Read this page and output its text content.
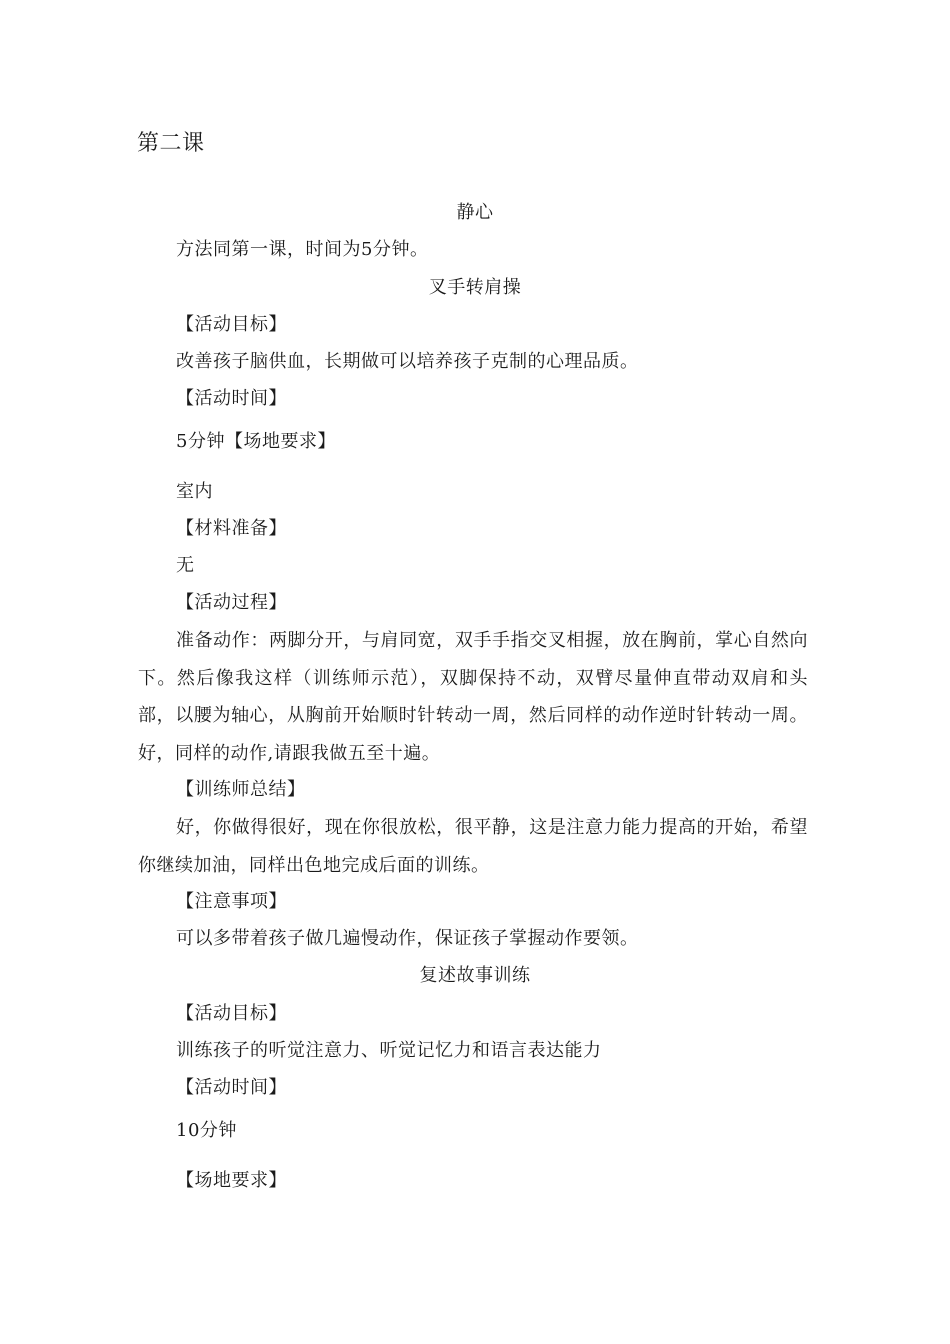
第二课
静心
方法同第一课，时间为5分钟。
叉手转肩操
【活动目标】
改善孩子脑供血，长期做可以培养孩子克制的心理品质。
【活动时间】
5分钟【场地要求】
室内
【材料准备】
无
【活动过程】
准备动作：两脚分开，与肩同宽，双手手指交叉相握，放在胸前，掌心自然向下。然后像我这样（训练师示范），双脚保持不动，双臂尽量伸直带动双肩和头部，以腰为轴心，从胸前开始顺时针转动一周，然后同样的动作逆时针转动一周。好，同样的动作,请跟我做五至十遍。
【训练师总结】
好，你做得很好，现在你很放松，很平静，这是注意力能力提高的开始，希望你继续加油，同样出色地完成后面的训练。
【注意事项】
可以多带着孩子做几遍慢动作，保证孩子掌握动作要领。
复述故事训练
【活动目标】
训练孩子的听觉注意力、听觉记忆力和语言表达能力
【活动时间】
10分钟
【场地要求】
